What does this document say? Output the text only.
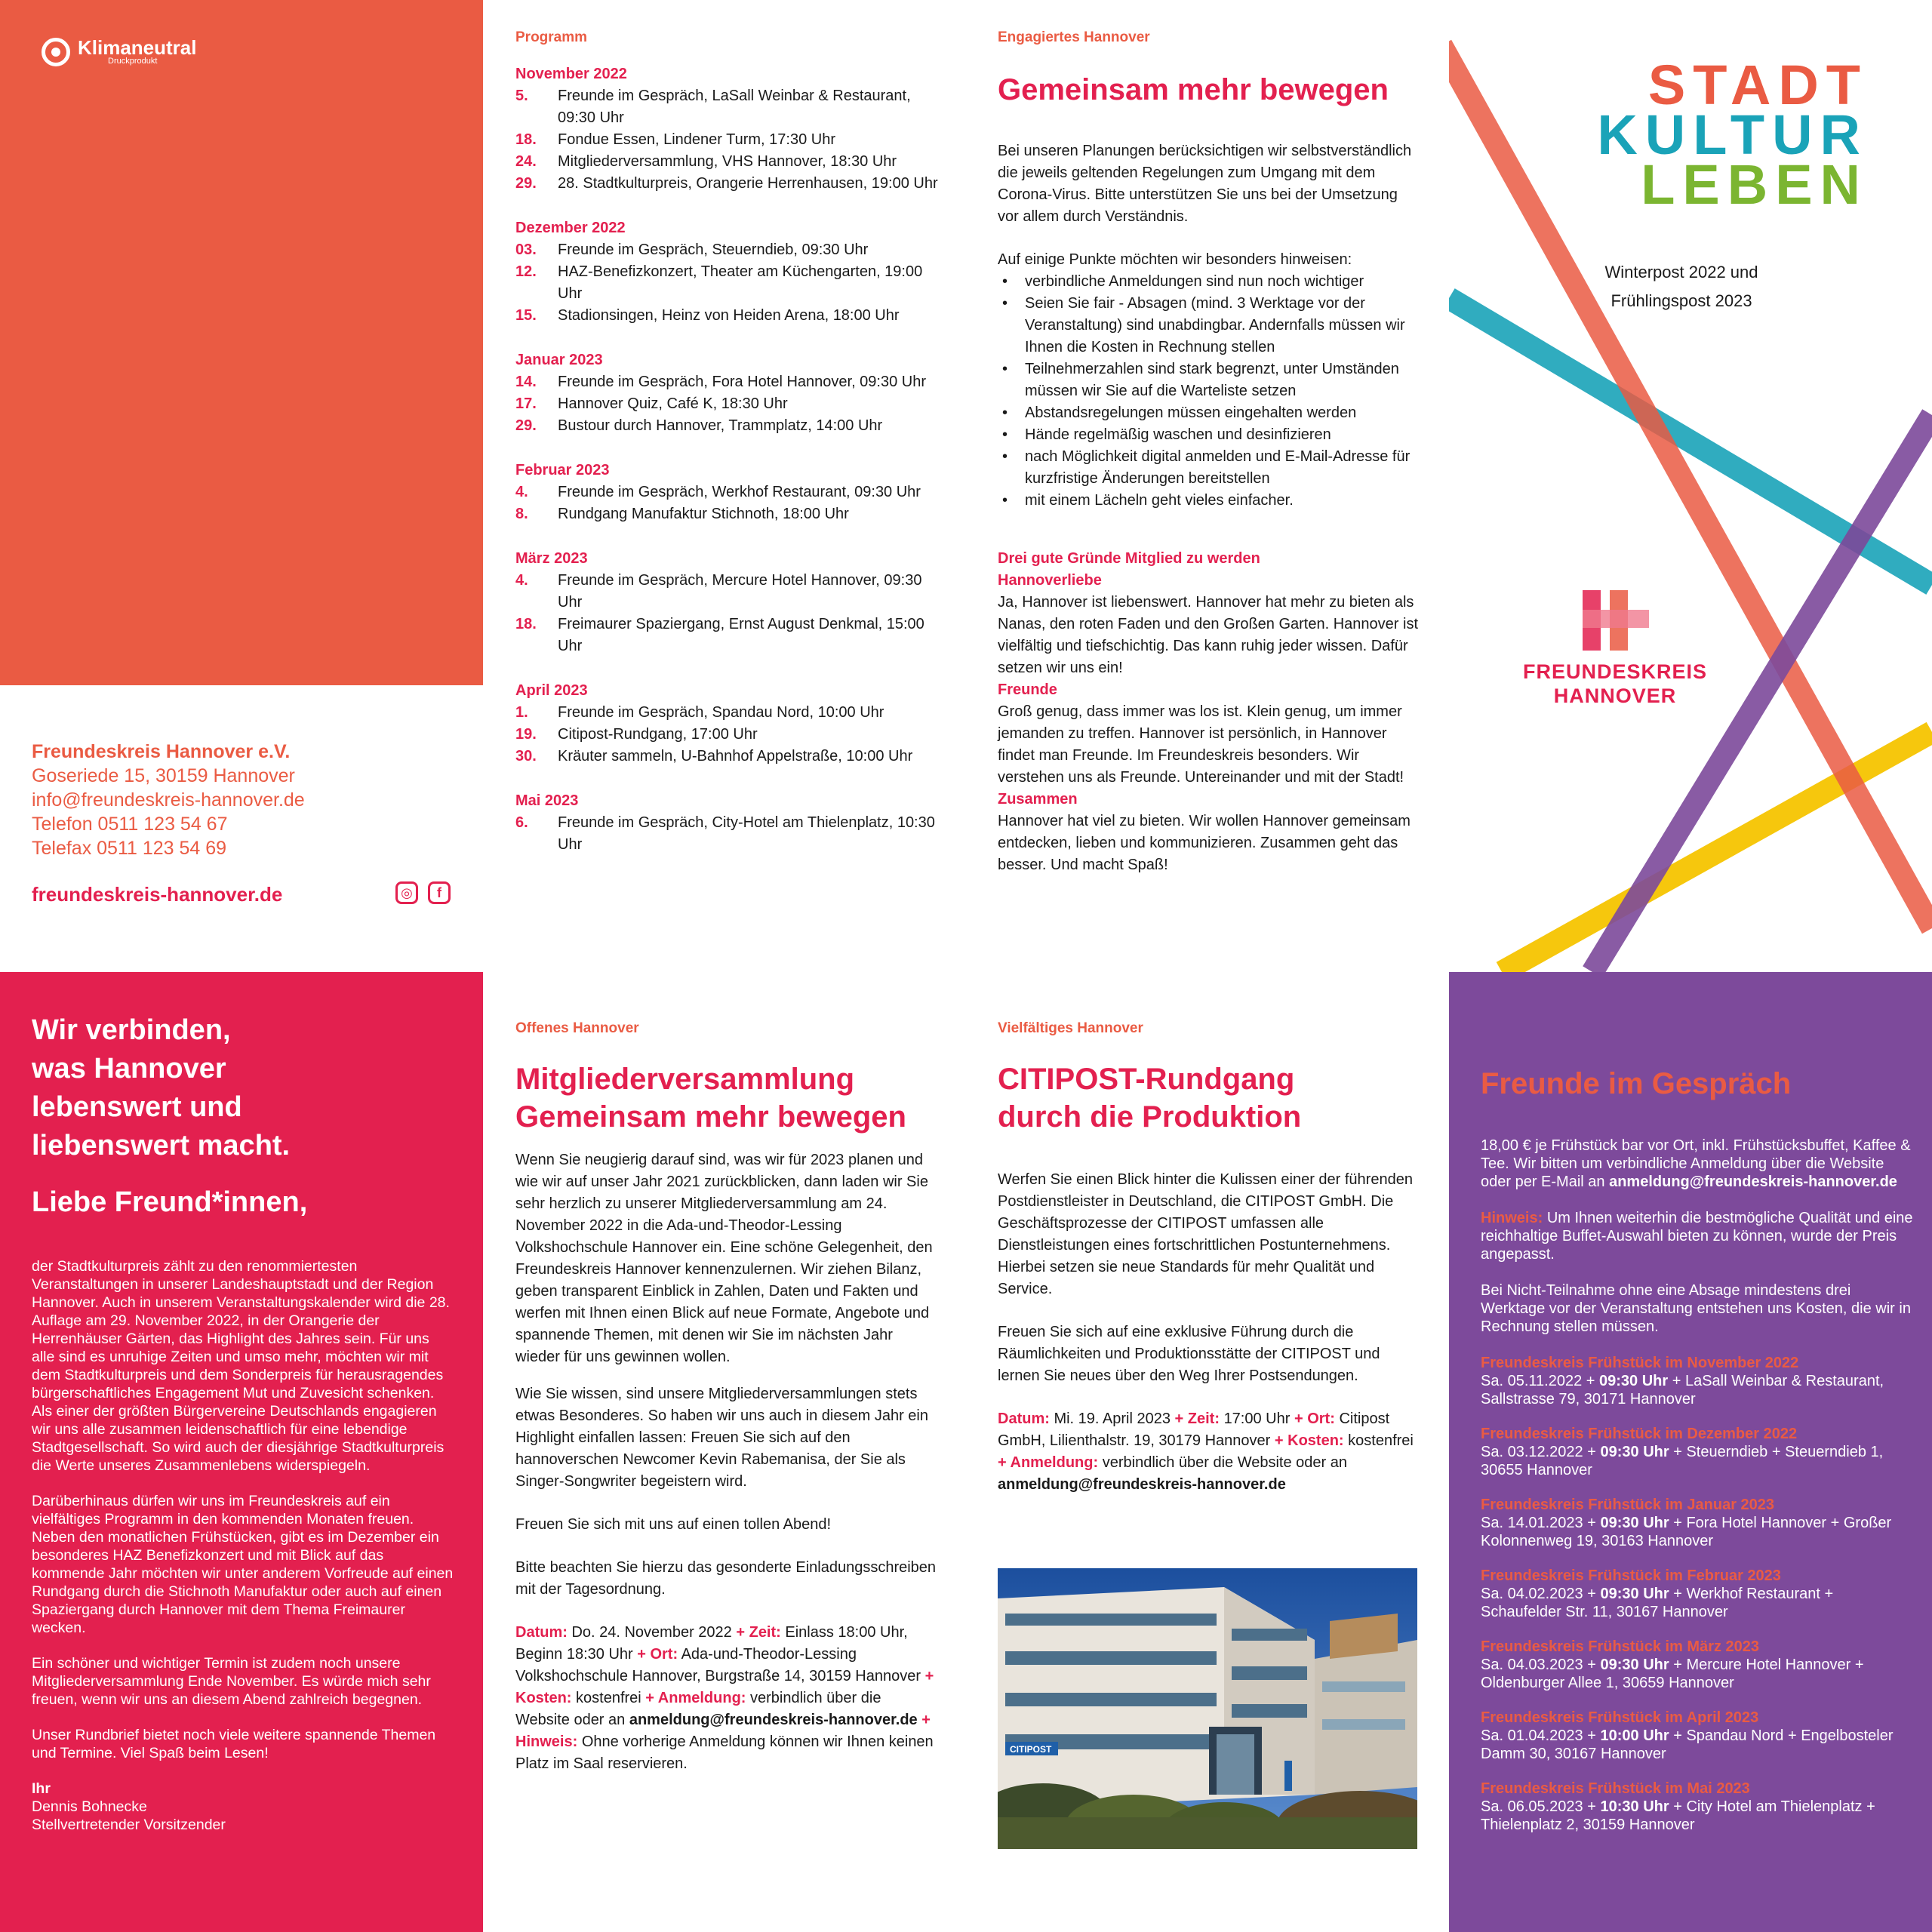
Klimaneutral
Druckprodukt
Freundeskreis Hannover e.V.
Goseriede 15, 30159 Hannover
info@freundeskreis-hannover.de
Telefon 0511 123 54 67
Telefax 0511 123 54 69
freundeskreis-hannover.de	◎	f
Programm
November 2022
5.	Freunde im Gespräch, LaSall Weinbar & Restaurant, 09:30 Uhr
18.	Fondue Essen, Lindener Turm, 17:30 Uhr
24.	Mitgliederversammlung, VHS Hannover, 18:30 Uhr
29.	28. Stadtkulturpreis, Orangerie Herrenhausen, 19:00 Uhr
Dezember 2022
03.	Freunde im Gespräch, Steuerndieb, 09:30 Uhr
12.	HAZ-Benefizkonzert, Theater am Küchengarten, 19:00 Uhr
15.	Stadionsingen, Heinz von Heiden Arena, 18:00 Uhr
Januar 2023
14.	Freunde im Gespräch, Fora Hotel Hannover, 09:30 Uhr
17.	Hannover Quiz, Café K, 18:30 Uhr
29.	Bustour durch Hannover, Trammplatz, 14:00 Uhr
Februar 2023
4.	Freunde im Gespräch, Werkhof Restaurant, 09:30 Uhr
8.	Rundgang Manufaktur Stichnoth, 18:00 Uhr
März 2023
4.	Freunde im Gespräch, Mercure Hotel Hannover, 09:30 Uhr
18.	Freimaurer Spaziergang, Ernst August Denkmal, 15:00 Uhr
April 2023
1.	Freunde im Gespräch, Spandau Nord, 10:00 Uhr
19.	Citipost-Rundgang, 17:00 Uhr
30.	Kräuter sammeln, U-Bahnhof Appelstraße, 10:00 Uhr
Mai 2023
6.	Freunde im Gespräch, City-Hotel am Thielenplatz, 10:30 Uhr
Engagiertes Hannover
Gemeinsam mehr bewegen
Bei unseren Planungen berücksichtigen wir selbstverständlich die jeweils geltenden Regelungen zum Umgang mit dem Corona-Virus. Bitte unterstützen Sie uns bei der Umsetzung vor allem durch Verständnis.
Auf einige Punkte möchten wir besonders hinweisen:
•	verbindliche Anmeldungen sind nun noch wichtiger
•	Seien Sie fair - Absagen (mind. 3 Werktage vor der Veranstaltung) sind unabdingbar. Andernfalls müssen wir Ihnen die Kosten in Rechnung stellen
•	Teilnehmerzahlen sind stark begrenzt, unter Umständen müssen wir Sie auf die Warteliste setzen
•	Abstandsregelungen müssen eingehalten werden
•	Hände regelmäßig waschen und desinfizieren
•	nach Möglichkeit digital anmelden und E-Mail-Adresse für kurzfristige Änderungen bereitstellen
•	mit einem Lächeln geht vieles einfacher.
Drei gute Gründe Mitglied zu werden
Hannoverliebe
Ja, Hannover ist liebenswert. Hannover hat mehr zu bieten als Nanas, den roten Faden und den Großen Garten. Hannover ist vielfältig und tiefschichtig. Das kann ruhig jeder wissen. Dafür setzen wir uns ein!
Freunde
Groß genug, dass immer was los ist. Klein genug, um immer jemanden zu treffen. Hannover ist persönlich, in Hannover findet man Freunde. Im Freundeskreis besonders. Wir verstehen uns als Freunde. Untereinander und mit der Stadt!
Zusammen
Hannover hat viel zu bieten. Wir wollen Hannover gemeinsam entdecken, lieben und kommunizieren. Zusammen geht das besser. Und macht Spaß!
STADT
KULTUR
LEBEN
Winterpost 2022 und
Frühlingspost 2023
FREUNDESKREIS
HANNOVER
Wir verbinden,
was Hannover
lebenswert und
liebenswert macht.
Liebe Freund*innen,

der Stadtkulturpreis zählt zu den renommiertesten Veranstaltungen in unserer Landeshauptstadt und der Region Hannover. Auch in unserem Veranstaltungskalender wird die 28. Auflage am 29. November 2022, in der Orangerie der Herrenhäuser Gärten, das Highlight des Jahres sein. Für uns alle sind es unruhige Zeiten und umso mehr, möchten wir mit dem Stadtkulturpreis und dem Sonderpreis für herausragendes bürgerschaftliches Engagement Mut und Zuvesicht schenken. Als einer der größten Bürgervereine Deutschlands engagieren wir uns alle zusammen leidenschaftlich für eine lebendige Stadtgesellschaft. So wird auch der diesjährige Stadtkulturpreis die Werte unseres Zusammenlebens widerspiegeln.

Darüberhinaus dürfen wir uns im Freundeskreis auf ein vielfältiges Programm in den kommenden Monaten freuen. Neben den monatlichen Frühstücken, gibt es im Dezember ein besonderes HAZ Benefizkonzert und mit Blick auf das kommende Jahr möchten wir unter anderem Vorfreude auf einen Rundgang durch die Stichnoth Manufaktur oder auch auf einen Spaziergang durch Hannover mit dem Thema Freimaurer wecken.

Ein schöner und wichtiger Termin ist zudem noch unsere Mitgliederversammlung Ende November. Es würde mich sehr freuen, wenn wir uns an diesem Abend zahlreich begegnen.

Unser Rundbrief bietet noch viele weitere spannende Themen und Termine. Viel Spaß beim Lesen!

Ihr
Dennis Bohnecke
Stellvertretender Vorsitzender
Offenes Hannover
Mitgliederversammlung
Gemeinsam mehr bewegen
Wenn Sie neugierig darauf sind, was wir für 2023 planen und wie wir auf unser Jahr 2021 zurückblicken, dann laden wir Sie sehr herzlich zu unserer Mitgliederversammlung am 24. November 2022 in die Ada-und-Theodor-Lessing Volkshochschule Hannover ein. Eine schöne Gelegenheit, den Freundeskreis Hannover kennenzulernen. Wir ziehen Bilanz, geben transparent Einblick in Zahlen, Daten und Fakten und werfen mit Ihnen einen Blick auf neue Formate, Angebote und spannende Themen, mit denen wir Sie im nächsten Jahr wieder für uns gewinnen wollen.
Wie Sie wissen, sind unsere Mitgliederversammlungen stets etwas Besonderes. So haben wir uns auch in diesem Jahr ein Highlight einfallen lassen: Freuen Sie sich auf den hannoverschen Newcomer Kevin Rabemanisa, der Sie als Singer-Songwriter begeistern wird.
Freuen Sie sich mit uns auf einen tollen Abend!
Bitte beachten Sie hierzu das gesonderte Einladungsschreiben mit der Tagesordnung.
Datum: Do. 24. November 2022 + Zeit: Einlass 18:00 Uhr, Beginn 18:30 Uhr + Ort: Ada-und-Theodor-Lessing Volkshochschule Hannover, Burgstraße 14, 30159 Hannover + Kosten: kostenfrei + Anmeldung: verbindlich über die Website oder an anmeldung@freundeskreis-hannover.de + Hinweis: Ohne vorherige Anmeldung können wir Ihnen keinen Platz im Saal reservieren.
Vielfältiges Hannover
CITIPOST-Rundgang
durch die Produktion
Werfen Sie einen Blick hinter die Kulissen einer der führenden Postdienstleister in Deutschland, die CITIPOST GmbH. Die Geschäftsprozesse der CITIPOST umfassen alle Dienstleistungen eines fortschrittlichen Postunternehmens. Hierbei setzen sie neue Standards für mehr Qualität und Service.
Freuen Sie sich auf eine exklusive Führung durch die Räumlichkeiten und Produktionsstätte der CITIPOST und lernen Sie neues über den Weg Ihrer Postsendungen.
Datum: Mi. 19. April 2023 + Zeit: 17:00 Uhr + Ort: Citipost GmbH, Lilienthalstr. 19, 30179 Hannover + Kosten: kostenfrei + Anmeldung: verbindlich über die Website oder an anmeldung@freundeskreis-hannover.de
CITIPOST
Freunde im Gespräch

18,00 € je Frühstück bar vor Ort, inkl. Frühstücksbuffet, Kaffee & Tee. Wir bitten um verbindliche Anmeldung über die Website oder per E-Mail an anmeldung@freundeskreis-hannover.de

Hinweis: Um Ihnen weiterhin die bestmögliche Qualität und eine reichhaltige Buffet-Auswahl bieten zu können, wurde der Preis angepasst.

Bei Nicht-Teilnahme ohne eine Absage mindestens drei Werktage vor der Veranstaltung entstehen uns Kosten, die wir in Rechnung stellen müssen.

Freundeskreis Frühstück im November 2022
Sa. 05.11.2022 + 09:30 Uhr + LaSall Weinbar & Restaurant, Sallstrasse 79, 30171 Hannover
Freundeskreis Frühstück im Dezember 2022
Sa. 03.12.2022 + 09:30 Uhr + Steuerndieb + Steuerndieb 1, 30655 Hannover
Freundeskreis Frühstück im Januar 2023
Sa. 14.01.2023 + 09:30 Uhr + Fora Hotel Hannover + Großer Kolonnenweg 19, 30163 Hannover
Freundeskreis Frühstück im Februar 2023
Sa. 04.02.2023 + 09:30 Uhr + Werkhof Restaurant + Schaufelder Str. 11, 30167 Hannover
Freundeskreis Frühstück im März 2023
Sa. 04.03.2023 + 09:30 Uhr + Mercure Hotel Hannover + Oldenburger Allee 1, 30659 Hannover
Freundeskreis Frühstück im April 2023
Sa. 01.04.2023 + 10:00 Uhr + Spandau Nord + Engelbosteler Damm 30, 30167 Hannover
Freundeskreis Frühstück im Mai 2023
Sa. 06.05.2023 + 10:30 Uhr + City Hotel am Thielenplatz + Thielenplatz 2, 30159 Hannover
